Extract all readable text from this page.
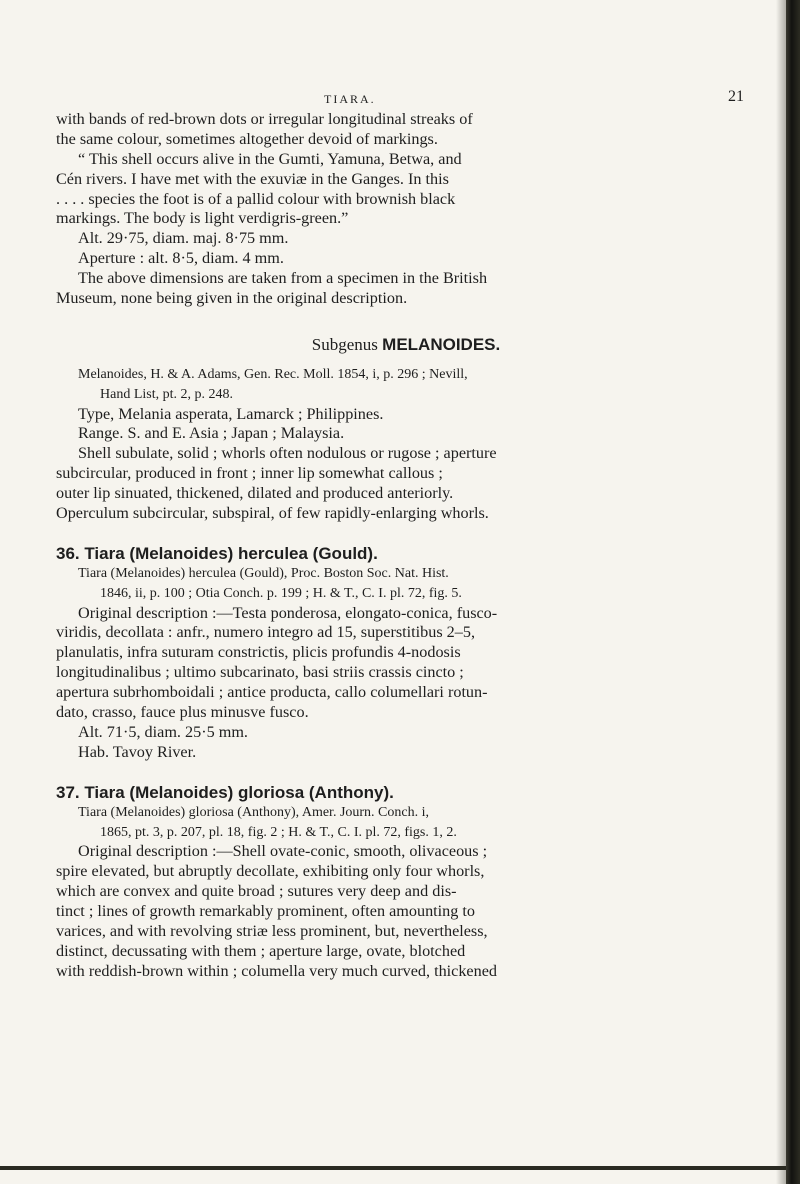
TIARA.	21
with bands of red-brown dots or irregular longitudinal streaks of
the same colour, sometimes altogether devoid of markings.
“ This shell occurs alive in the Gumti, Yamuna, Betwa, and
Cén rivers. I have met with the exuviæ in the Ganges. In this
. . . . species the foot is of a pallid colour with brownish black
markings. The body is light verdigris-green.”
Alt. 29·75, diam. maj. 8·75 mm.
Aperture : alt. 8·5, diam. 4 mm.
The above dimensions are taken from a specimen in the British
Museum, none being given in the original description.
Subgenus MELANOIDES.
Melanoides, H. & A. Adams, Gen. Rec. Moll. 1854, i, p. 296 ; Nevill,
Hand List, pt. 2, p. 248.
Type, Melania asperata, Lamarck ; Philippines.
Range. S. and E. Asia ; Japan ; Malaysia.
Shell subulate, solid ; whorls often nodulous or rugose ; aperture
subcircular, produced in front ; inner lip somewhat callous ;
outer lip sinuated, thickened, dilated and produced anteriorly.
Operculum subcircular, subspiral, of few rapidly-enlarging whorls.
36. Tiara (Melanoides) herculea (Gould).
Tiara (Melanoides) herculea (Gould), Proc. Boston Soc. Nat. Hist.
1846, ii, p. 100 ; Otia Conch. p. 199 ; H. & T., C. I. pl. 72, fig. 5.
Original description :—Testa ponderosa, elongato-conica, fusco-
viridis, decollata : anfr., numero integro ad 15, superstitibus 2–5,
planulatis, infra suturam constrictis, plicis profundis 4-nodosis
longitudinalibus ; ultimo subcarinato, basi striis crassis cincto ;
apertura subrhomboidali ; antice producta, callo columellari rotun-
dato, crasso, fauce plus minusve fusco.
Alt. 71·5, diam. 25·5 mm.
Hab. Tavoy River.
37. Tiara (Melanoides) gloriosa (Anthony).
Tiara (Melanoides) gloriosa (Anthony), Amer. Journ. Conch. i,
1865, pt. 3, p. 207, pl. 18, fig. 2 ; H. & T., C. I. pl. 72, figs. 1, 2.
Original description :—Shell ovate-conic, smooth, olivaceous ;
spire elevated, but abruptly decollate, exhibiting only four whorls,
which are convex and quite broad ; sutures very deep and dis-
tinct ; lines of growth remarkably prominent, often amounting to
varices, and with revolving striæ less prominent, but, nevertheless,
distinct, decussating with them ; aperture large, ovate, blotched
with reddish-brown within ; columella very much curved, thickened
